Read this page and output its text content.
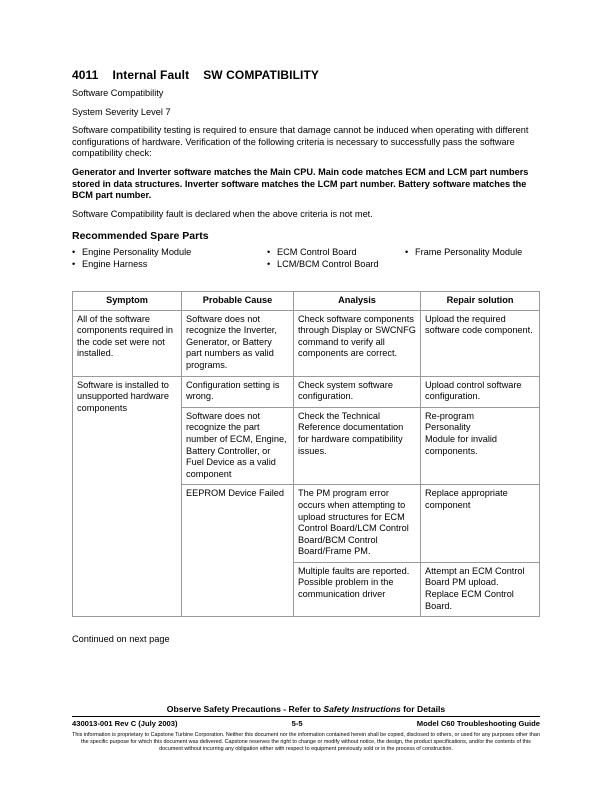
4011 Internal Fault SW COMPATIBILITY

Software Compatibility

System Severity Level 7

Software compatibility testing is required to ensure that damage cannot be induced when operating with different configurations of hardware. Verification of the following criteria is necessary to successfully pass the software compatibility check:

Generator and Inverter software matches the Main CPU. Main code matches ECM and LCM part numbers stored in data structures. Inverter software matches the LCM part number. Battery software matches the BCM part number.

Software Compatibility fault is declared when the above criteria is not met.

Recommended Spare Parts
• Engine Personality Module
• Engine Harness
• ECM Control Board
• LCM/BCM Control Board
• Frame Personality Module
Symptom	Probable Cause	Analysis	Repair solution
All of the software components required in the code set were not installed.	Software does not recognize the Inverter, Generator, or Battery part numbers as valid programs.	Check software components through Display or SWCNFG command to verify all components are correct.	Upload the required software code component.
Software is installed to unsupported hardware components	Configuration setting is wrong.	Check system software configuration.	Upload control software configuration.
	Software does not recognize the part number of ECM, Engine, Battery Controller, or Fuel Device as a valid component	Check the Technical Reference documentation for hardware compatibility issues.	Re-program
Personality
Module for invalid components.

	EEPROM Device Failed	The PM program error occurs when attempting to upload structures for ECM Control Board/LCM Control Board/BCM Control Board/Frame PM.	Replace appropriate component
		Multiple faults are reported. Possible problem in the communication driver	Attempt an ECM Control Board PM upload.
Replace ECM Control Board.
Continued on next page
Observe Safety Precautions - Refer to Safety Instructions for Details
430013-001 Rev C (July 2003)	5-5	Model C60 Troubleshooting Guide
This information is proprietary to Capstone Turbine Corporation. Neither this document nor the information contained herein shall be copied, disclosed to others, or used for any purposes other than the specific purpose for which this document was delivered. Capstone reserves the right to change or modify without notice, the design, the product specifications, and/or the contents of this document without incurring any obligation either with respect to equipment previously sold or in the process of construction.
